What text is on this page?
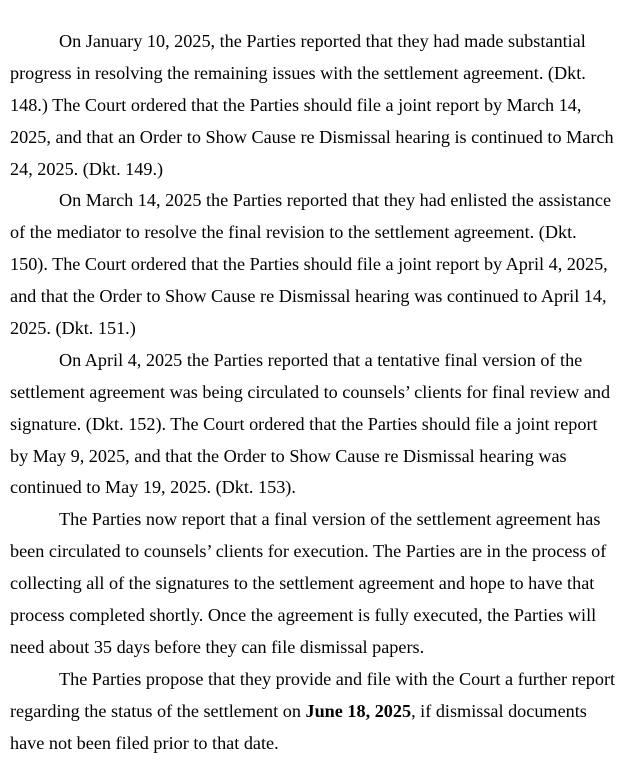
On January 10, 2025, the Parties reported that they had made substantial
progress in resolving the remaining issues with the settlement agreement. (Dkt.
148.) The Court ordered that the Parties should file a joint report by March 14,
2025, and that an Order to Show Cause re Dismissal hearing is continued to March
24, 2025. (Dkt. 149.)
On March 14, 2025 the Parties reported that they had enlisted the assistance
of the mediator to resolve the final revision to the settlement agreement. (Dkt.
150). The Court ordered that the Parties should file a joint report by April 4, 2025,
and that the Order to Show Cause re Dismissal hearing was continued to April 14,
2025. (Dkt. 151.)
On April 4, 2025 the Parties reported that a tentative final version of the
settlement agreement was being circulated to counsels’ clients for final review and
signature. (Dkt. 152). The Court ordered that the Parties should file a joint report
by May 9, 2025, and that the Order to Show Cause re Dismissal hearing was
continued to May 19, 2025. (Dkt. 153).
The Parties now report that a final version of the settlement agreement has
been circulated to counsels’ clients for execution. The Parties are in the process of
collecting all of the signatures to the settlement agreement and hope to have that
process completed shortly. Once the agreement is fully executed, the Parties will
need about 35 days before they can file dismissal papers.
The Parties propose that they provide and file with the Court a further report
regarding the status of the settlement on June 18, 2025, if dismissal documents
have not been filed prior to that date.
